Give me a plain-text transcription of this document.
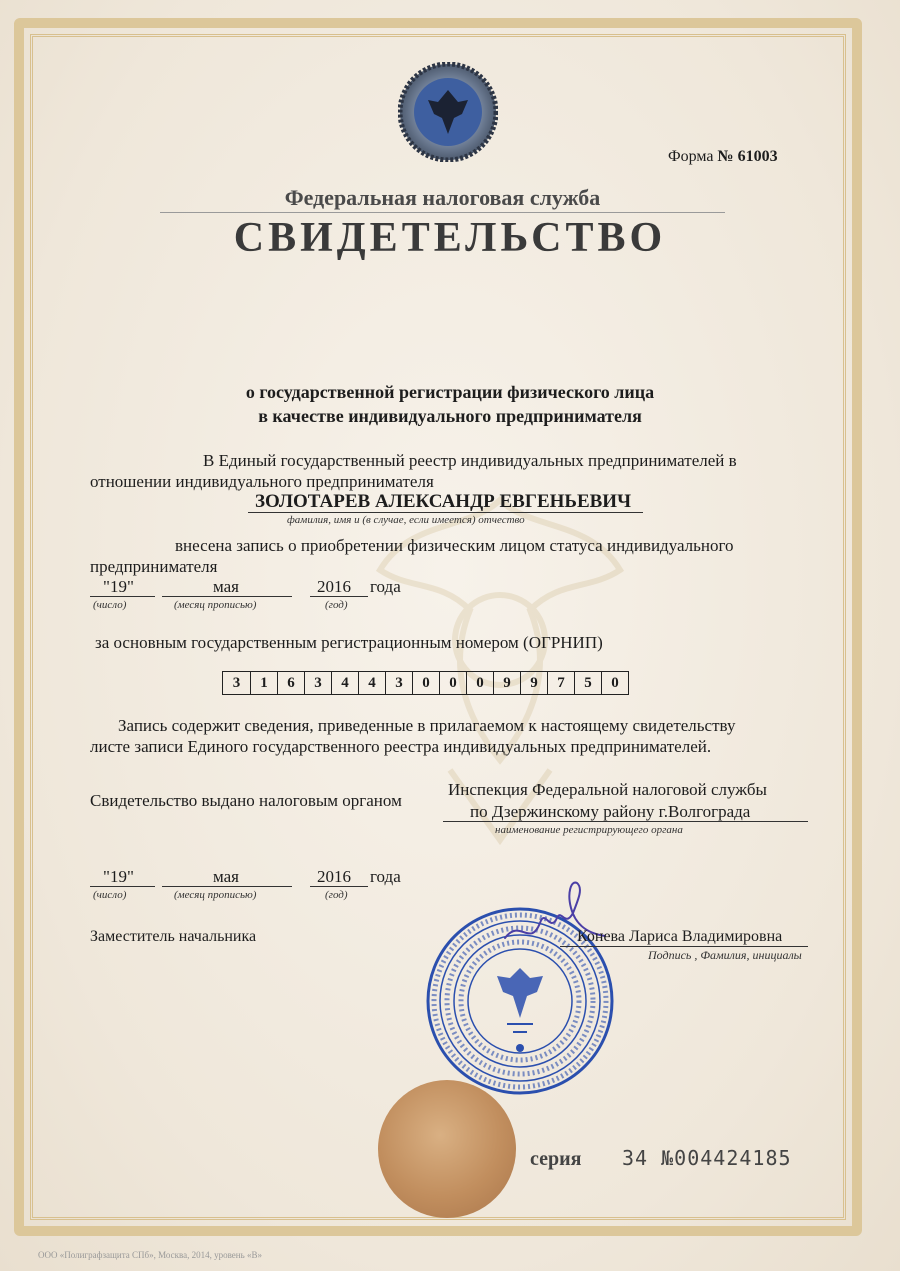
Форма № 61003
Федеральная налоговая служба
СВИДЕТЕЛЬСТВО
о государственной регистрации физического лица
в качестве индивидуального предпринимателя
В Единый государственный реестр индивидуальных предпринимателей в
отношении индивидуального предпринимателя
ЗОЛОТАРЕВ АЛЕКСАНДР ЕВГЕНЬЕВИЧ
фамилия, имя и (в случае, если имеется) отчество
внесена запись о приобретении физическим лицом статуса индивидуального
предпринимателя
"19"	мая	2016 года
(число)	(месяц прописью)	(год)
за основным государственным регистрационным номером (ОГРНИП)
3	1	6	3	4	4	3	0	0	0	9	9	7	5	0
Запись содержит сведения, приведенные в прилагаемом к настоящему свидетельству
листе записи Единого государственного реестра индивидуальных предпринимателей.
Свидетельство выдано налоговым органом
Инспекция Федеральной налоговой службы
по Дзержинскому району г.Волгограда
наименование регистрирующего органа
"19"	мая	2016 года
(число)	(месяц прописью)	(год)
Заместитель начальника	Конева Лариса Владимировна
Подпись , Фамилия, инициалы
серия 34 №004424185
ООО «Полиграфзащита СПб», Москва, 2014, уровень «В»
